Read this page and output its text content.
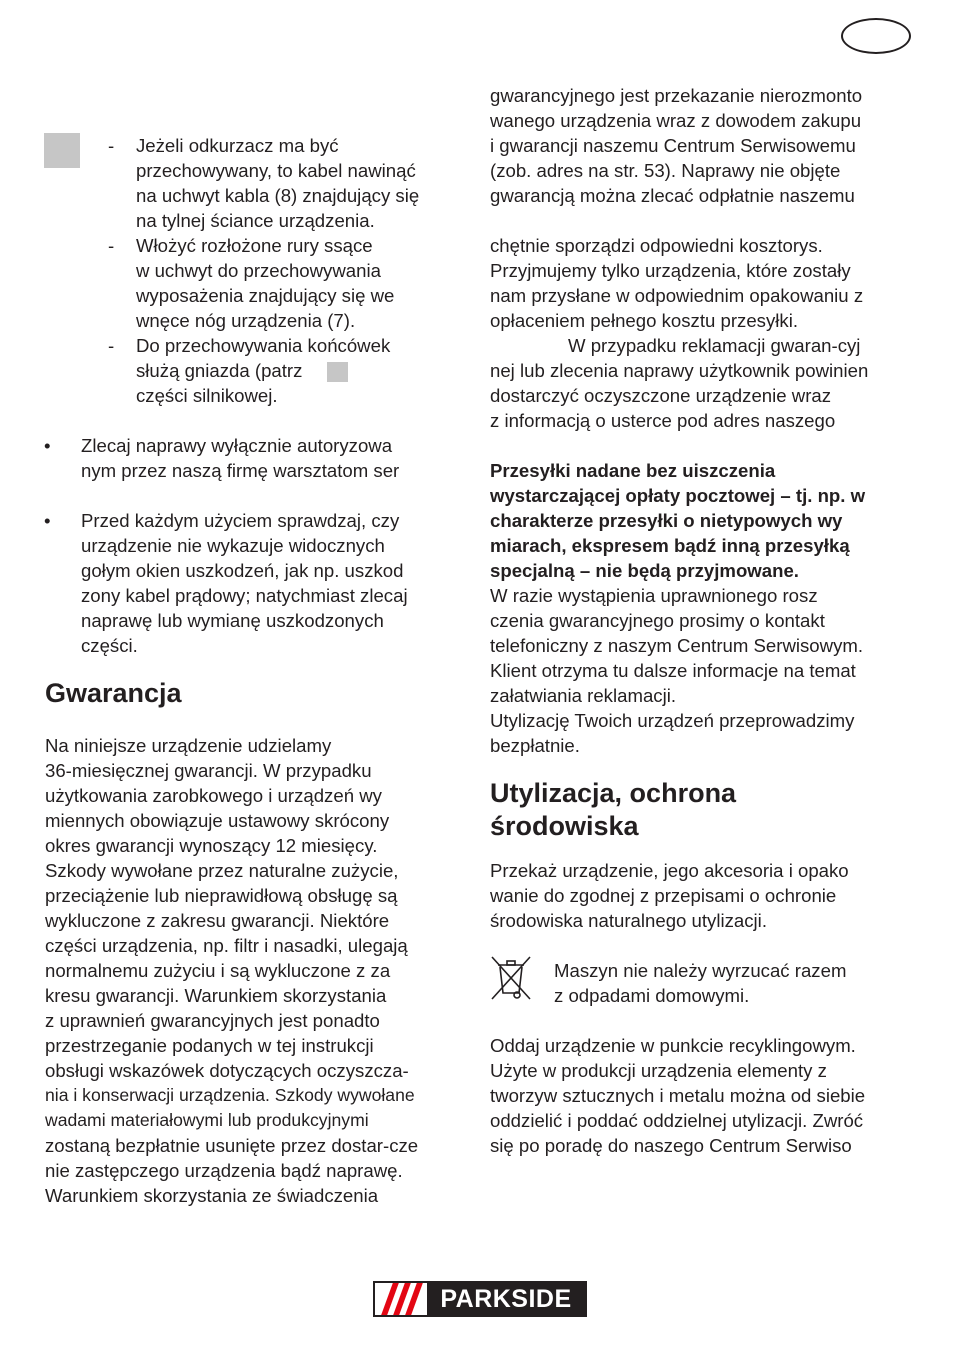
- Jeżeli odkurzacz ma być
przechowywany, to kabel nawinąć
na uchwyt kabla (8) znajdujący się
na tylnej ściance urządzenia.
- Włożyć rozłożone rury ssące
w uchwyt do przechowywania
wyposażenia znajdujący się we
wnęce nóg urządzenia (7).
- Do przechowywania końcówek
służą gniazda (patrz
części silnikowej.
• Zlecaj naprawy wyłącznie autoryzowa
nym przez naszą firmę warsztatom ser
• Przed każdym użyciem sprawdzaj, czy
urządzenie nie wykazuje widocznych
gołym okien uszkodzeń, jak np. uszkod
zony kabel prądowy; natychmiast zlecaj
naprawę lub wymianę uszkodzonych
części.
Gwarancja
Na niniejsze urządzenie udzielamy
36-miesięcznej gwarancji. W przypadku
użytkowania zarobkowego i urządzeń wy
miennych obowiązuje ustawowy skrócony
okres gwarancji wynoszący 12 miesięcy.
Szkody wywołane przez naturalne zużycie,
przeciążenie lub nieprawidłową obsługę są
wykluczone z zakresu gwarancji. Niektóre
części urządzenia, np. filtr i nasadki, ulegają
normalnemu zużyciu i są wykluczone z za
kresu gwarancji. Warunkiem skorzystania
z uprawnień gwarancyjnych jest ponadto
przestrzeganie podanych w tej instrukcji
obsługi wskazówek dotyczących oczyszcza-
nia i konserwacji urządzenia. Szkody wywołane
wadami materiałowymi lub produkcyjnymi
zostaną bezpłatnie usunięte przez dostar-cze
nie zastępczego urządzenia bądź naprawę.
Warunkiem skorzystania ze świadczenia
gwarancyjnego jest przekazanie nierozmonto
wanego urządzenia wraz z dowodem zakupu
i gwarancji naszemu Centrum Serwisowemu
(zob. adres na str. 53). Naprawy nie objęte
gwarancją można zlecać odpłatnie naszemu
chętnie sporządzi odpowiedni kosztorys.
Przyjmujemy tylko urządzenia, które zostały
nam przysłane w odpowiednim opakowaniu z
opłaceniem pełnego kosztu przesyłki.
W przypadku reklamacji gwaran-cyj
nej lub zlecenia naprawy użytkownik powinien
dostarczyć oczyszczone urządzenie wraz
z informacją o usterce pod adres naszego
Przesyłki nadane bez uiszczenia
wystarczającej opłaty pocztowej – tj. np. w
charakterze przesyłki o nietypowych wy
miarach, ekspresem bądź inną przesyłką
specjalną – nie będą przyjmowane.
W razie wystąpienia uprawnionego rosz
czenia gwarancyjnego prosimy o kontakt
telefoniczny z naszym Centrum Serwisowym.
Klient otrzyma tu dalsze informacje na temat
załatwiania reklamacji.
Utylizację Twoich urządzeń przeprowadzimy
bezpłatnie.
Utylizacja, ochrona
środowiska
Przekaż urządzenie, jego akcesoria i opako
wanie do zgodnej z przepisami o ochronie
środowiska naturalnego utylizacji.
Maszyn nie należy wyrzucać razem
z odpadami domowymi.
Oddaj urządzenie w punkcie recyklingowym.
Użyte w produkcji urządzenia elementy z
tworzyw sztucznych i metalu można od siebie
oddzielić i poddać oddzielnej utylizacji. Zwróć
się po poradę do naszego Centrum Serwiso
PARKSIDE
